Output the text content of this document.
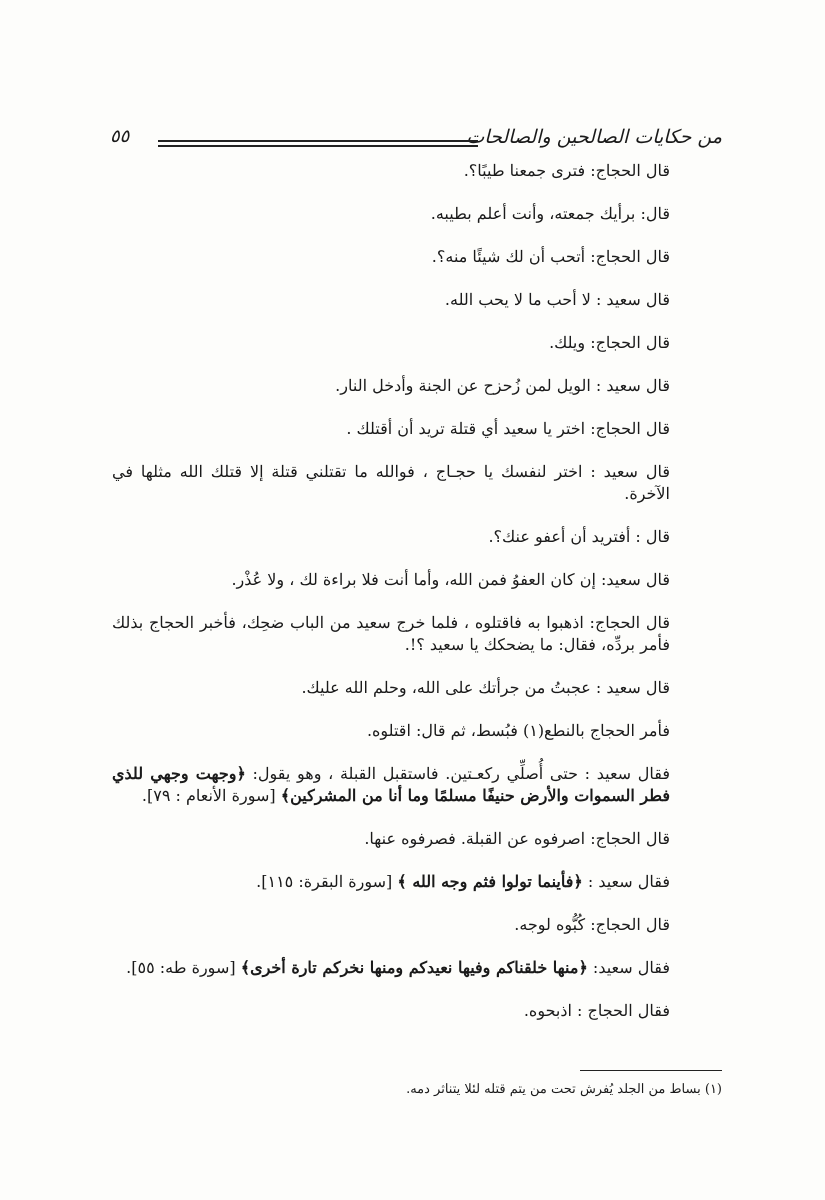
من حكايات الصالحين والصالحات
٥٥

قال الحجاج: فترى جمعنا طيبًا؟.

قال: برأيك جمعته، وأنت أعلم بطيبه.

قال الحجاج: أتحب أن لك شيئًا منه؟.

قال سعيد : لا أحب ما لا يحب الله.

قال الحجاج: ويلك.

قال سعيد : الويل لمن زُحزح عن الجنة وأدخل النار.

قال الحجاج: اختر يا سعيد أي قتلة تريد أن أقتلك .

قال سعيد : اختر لنفسك يا حجـاج ، فوالله ما تقتلني قتلة إلا قتلك الله مثلها في الآخرة.

قال : أفتريد أن أعفو عنك؟.

قال سعيد: إن كان العفوُ فمن الله، وأما أنت فلا براءة لك ، ولا عُذْر.

قال الحجاج: اذهبوا به فاقتلوه ، فلما خرج سعيد من الباب ضحِك، فأخبر الحجاج بذلك فأمر بردِّه، فقال: ما يضحكك يا سعيد ؟!.

قال سعيد : عجبتُ من جرأتك على الله، وحلم الله عليك.

فأمر الحجاج بالنطع(١) فبُسط، ثم قال: اقتلوه.

فقال سعيد : حتى أُصلِّي ركعـتين. فاستقبل القبلة ، وهو يقول: ﴿وجهت وجهي للذي فطر السموات والأرض حنيفًا مسلمًا وما أنا من المشركين﴾ [سورة الأنعام : ٧٩].

قال الحجاج: اصرفوه عن القبلة. فصرفوه عنها.

فقال سعيد : ﴿فأينما تولوا فثم وجه الله ﴾ [سورة البقرة: ١١٥].

قال الحجاج: كُبُّوه لوجه.

فقال سعيد: ﴿منها خلقناكم وفيها نعيدكم ومنها نخركم تارة أخرى﴾ [سورة طه: ٥٥].

فقال الحجاج : اذبحوه.

(١) بساط من الجلد يُفرش تحت من يتم قتله لئلا يتناثر دمه.
